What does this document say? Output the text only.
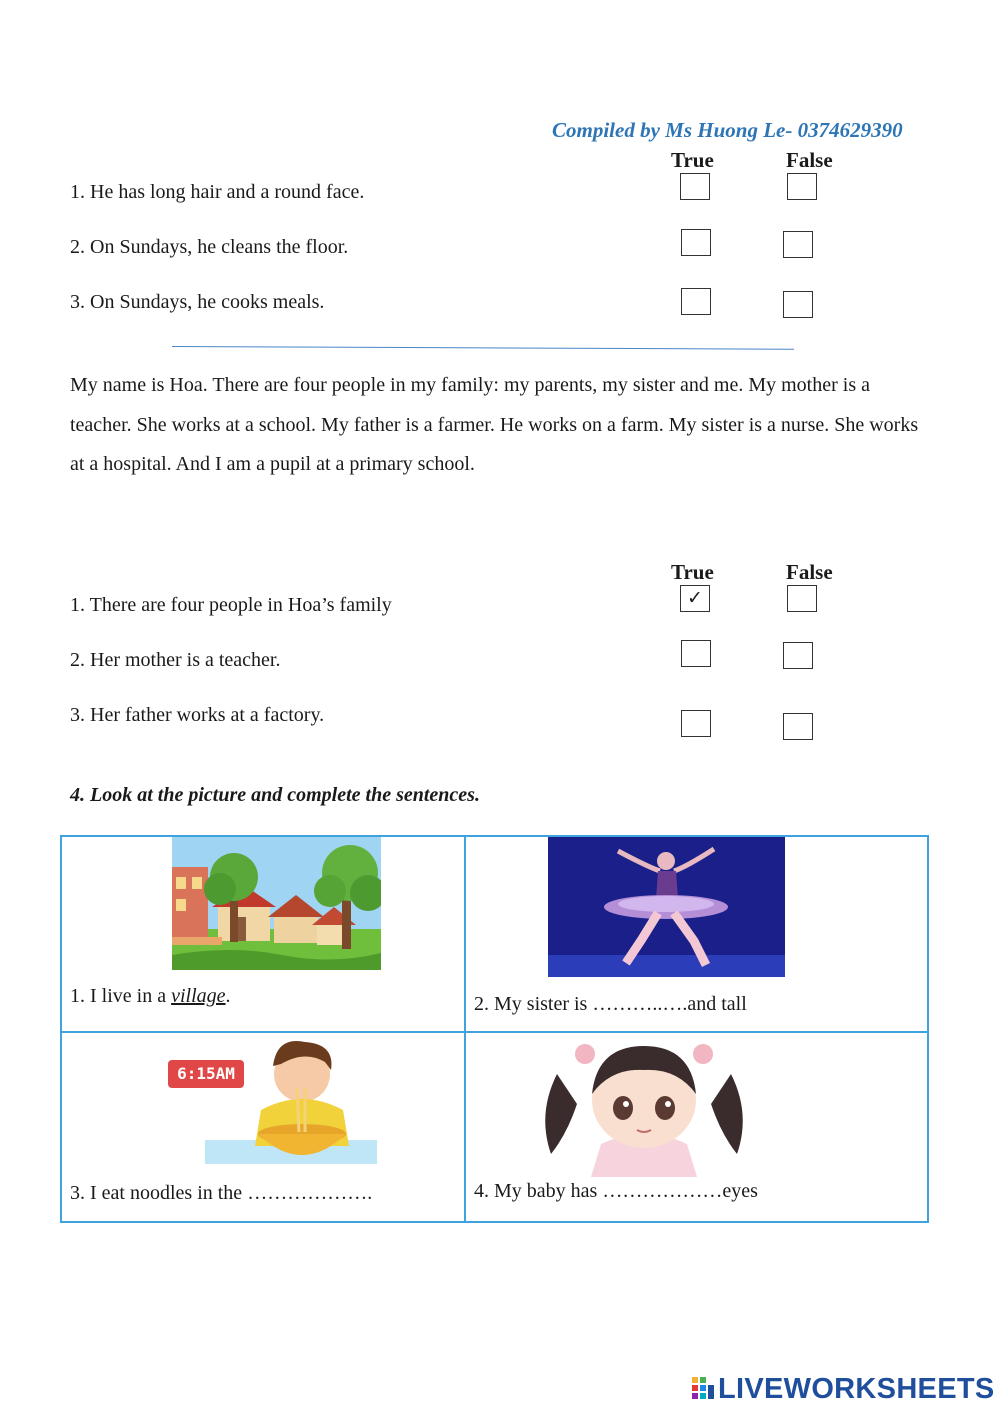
Compiled by Ms Huong Le- 0374629390
True	False
1. He has long hair and a round face.
2. On Sundays, he cleans the floor.
3. On Sundays, he cooks meals.
My name is Hoa. There are four people in my family: my parents, my sister and me. My mother is a teacher. She works at a school. My father is a farmer. He works on a farm. My sister is a nurse. She works at a hospital. And I am a pupil at a primary school.
True	False
1. There are four people in Hoa’s family	✓
2. Her mother is a teacher.
3. Her father works at a factory.
4. Look at the picture and complete the sentences.
6:15AM
1. I live in a village.	2. My sister is ………..….and tall
3. I eat noodles in the ……………….	4. My baby has ………………eyes
LIVEWORKSHEETS
